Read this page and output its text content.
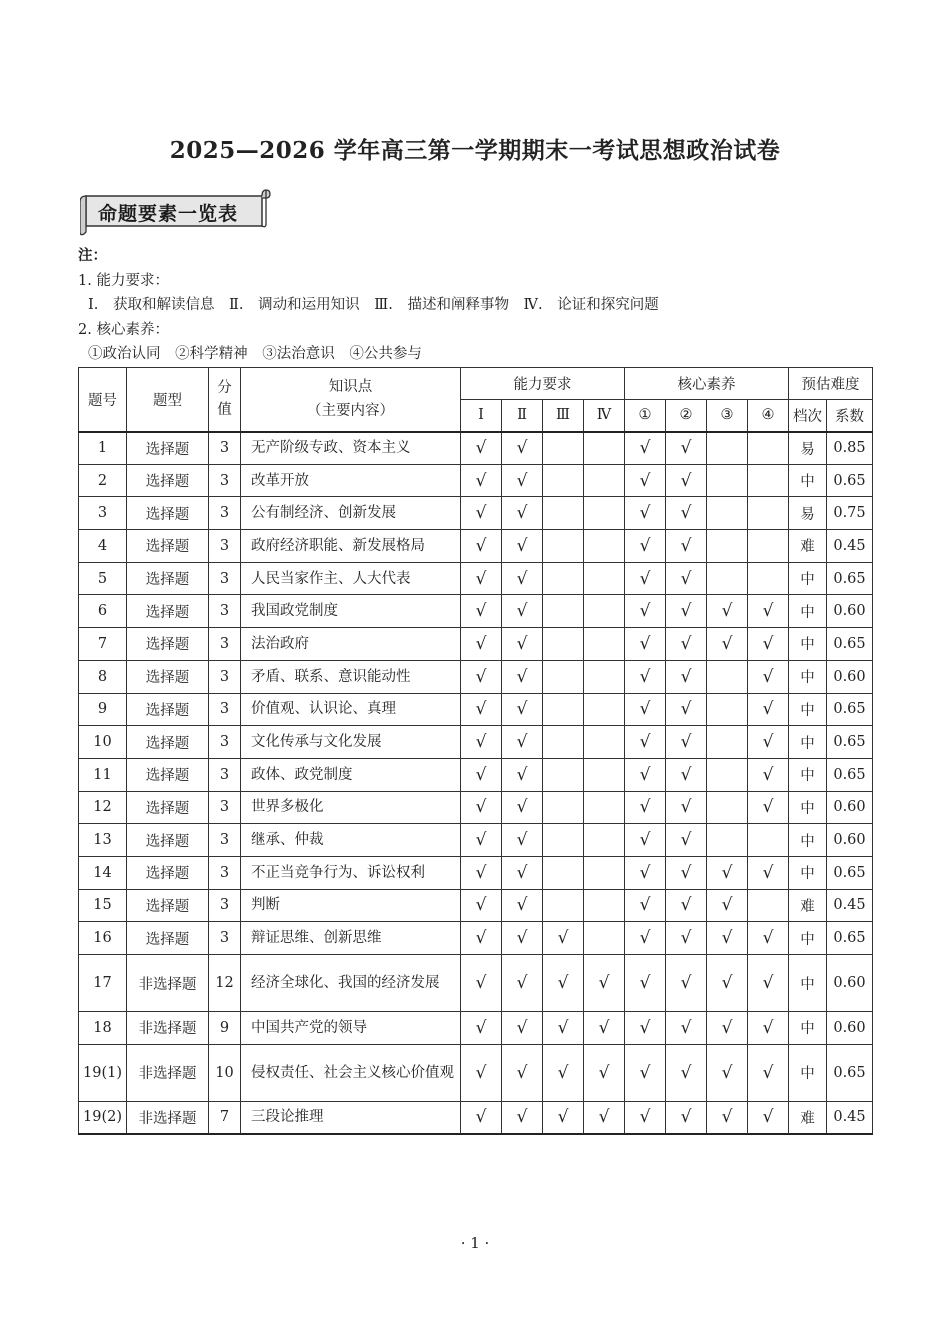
2025—2026 学年高三第一学期期末一考试思想政治试卷
命题要素一览表
注：
1. 能力要求：
Ⅰ. 获取和解读信息 Ⅱ. 调动和运用知识 Ⅲ. 描述和阐释事物 Ⅳ. 论证和探究问题
2. 核心素养：
①政治认同 ②科学精神 ③法治意识 ④公共参与
题号	题型	分值	知识点
（主要内容）	能力要求				核心素养				预估难度	
				Ⅰ	Ⅱ	Ⅲ	Ⅳ	①	②	③	④	档次	系数
1	选择题	3	无产阶级专政、资本主义	√	√			√	√			易	0.85
2	选择题	3	改革开放	√	√			√	√			中	0.65
3	选择题	3	公有制经济、创新发展	√	√			√	√			易	0.75
4	选择题	3	政府经济职能、新发展格局	√	√			√	√			难	0.45
5	选择题	3	人民当家作主、人大代表	√	√			√	√			中	0.65
6	选择题	3	我国政党制度	√	√			√	√	√	√	中	0.60
7	选择题	3	法治政府	√	√			√	√	√	√	中	0.65
8	选择题	3	矛盾、联系、意识能动性	√	√			√	√		√	中	0.60
9	选择题	3	价值观、认识论、真理	√	√			√	√		√	中	0.65
10	选择题	3	文化传承与文化发展	√	√			√	√		√	中	0.65
11	选择题	3	政体、政党制度	√	√			√	√		√	中	0.65
12	选择题	3	世界多极化	√	√			√	√		√	中	0.60
13	选择题	3	继承、仲裁	√	√			√	√			中	0.60
14	选择题	3	不正当竞争行为、诉讼权利	√	√			√	√	√	√	中	0.65
15	选择题	3	判断	√	√			√	√	√		难	0.45
16	选择题	3	辩证思维、创新思维	√	√	√		√	√	√	√	中	0.65
17	非选择题	12	经济全球化、我国的经济发展	√	√	√	√	√	√	√	√	中	0.60
18	非选择题	9	中国共产党的领导	√	√	√	√	√	√	√	√	中	0.60
19(1)	非选择题	10	侵权责任、社会主义核心价值观	√	√	√	√	√	√	√	√	中	0.65
19(2)	非选择题	7	三段论推理	√	√	√	√	√	√	√	√	难	0.45
· 1 ·
